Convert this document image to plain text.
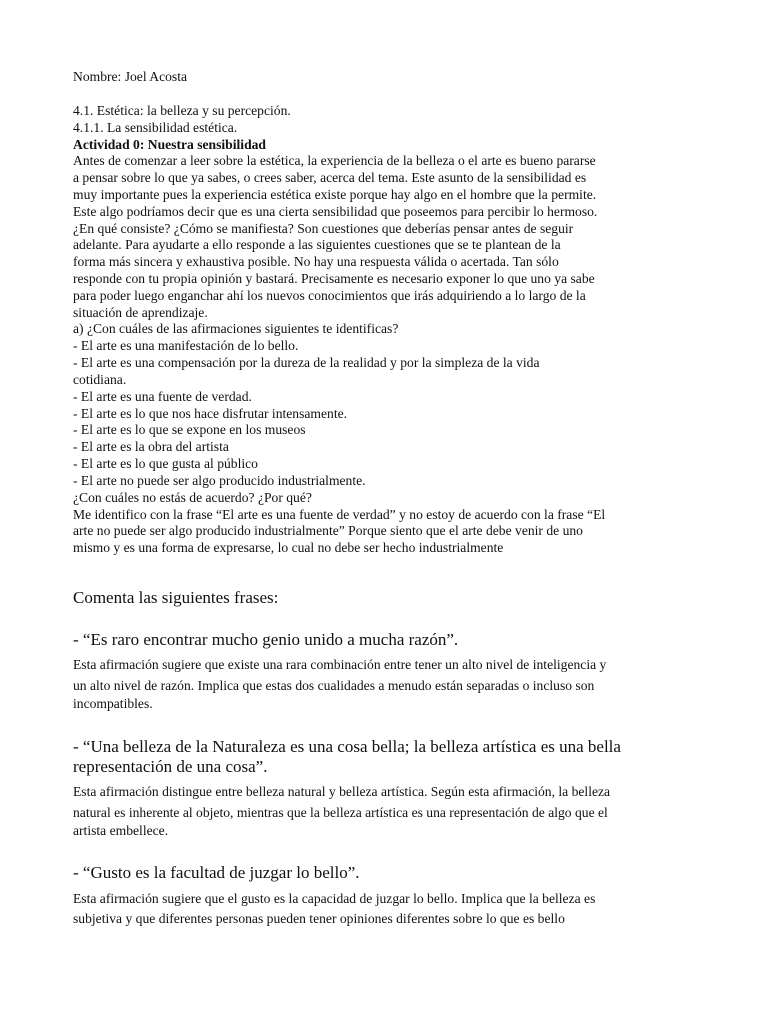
Nombre: Joel Acosta
4.1. Estética: la belleza y su percepción.
4.1.1. La sensibilidad estética.
Actividad 0: Nuestra sensibilidad
Antes de comenzar a leer sobre la estética, la experiencia de la belleza o el arte es bueno pararse
a pensar sobre lo que ya sabes, o crees saber, acerca del tema. Este asunto de la sensibilidad es
muy importante pues la experiencia estética existe porque hay algo en el hombre que la permite.
Este algo podríamos decir que es una cierta sensibilidad que poseemos para percibir lo hermoso.
¿En qué consiste? ¿Cómo se manifiesta? Son cuestiones que deberías pensar antes de seguir
adelante. Para ayudarte a ello responde a las siguientes cuestiones que se te plantean de la
forma más sincera y exhaustiva posible. No hay una respuesta válida o acertada. Tan sólo
responde con tu propia opinión y bastará. Precisamente es necesario exponer lo que uno ya sabe
para poder luego enganchar ahí los nuevos conocimientos que irás adquiriendo a lo largo de la
situación de aprendizaje.
a) ¿Con cuáles de las afirmaciones siguientes te identificas?
- El arte es una manifestación de lo bello.
- El arte es una compensación por la dureza de la realidad y por la simpleza de la vida
cotidiana.
- El arte es una fuente de verdad.
- El arte es lo que nos hace disfrutar intensamente.
- El arte es lo que se expone en los museos
- El arte es la obra del artista
- El arte es lo que gusta al público
- El arte no puede ser algo producido industrialmente.
¿Con cuáles no estás de acuerdo? ¿Por qué?
Me identifico con la frase “El arte es una fuente de verdad” y no estoy de acuerdo con la frase “El
arte no puede ser algo producido industrialmente” Porque siento que el arte debe venir de uno
mismo y es una forma de expresarse, lo cual no debe ser hecho industrialmente
Comenta las siguientes frases:
- “Es raro encontrar mucho genio unido a mucha razón”.
Esta afirmación sugiere que existe una rara combinación entre tener un alto nivel de inteligencia y
un alto nivel de razón. Implica que estas dos cualidades a menudo están separadas o incluso son
incompatibles.
- “Una belleza de la Naturaleza es una cosa bella; la belleza artística es una bella
representación de una cosa”.
Esta afirmación distingue entre belleza natural y belleza artística. Según esta afirmación, la belleza
natural es inherente al objeto, mientras que la belleza artística es una representación de algo que el
artista embellece.
- “Gusto es la facultad de juzgar lo bello”.
Esta afirmación sugiere que el gusto es la capacidad de juzgar lo bello. Implica que la belleza es
subjetiva y que diferentes personas pueden tener opiniones diferentes sobre lo que es bello
